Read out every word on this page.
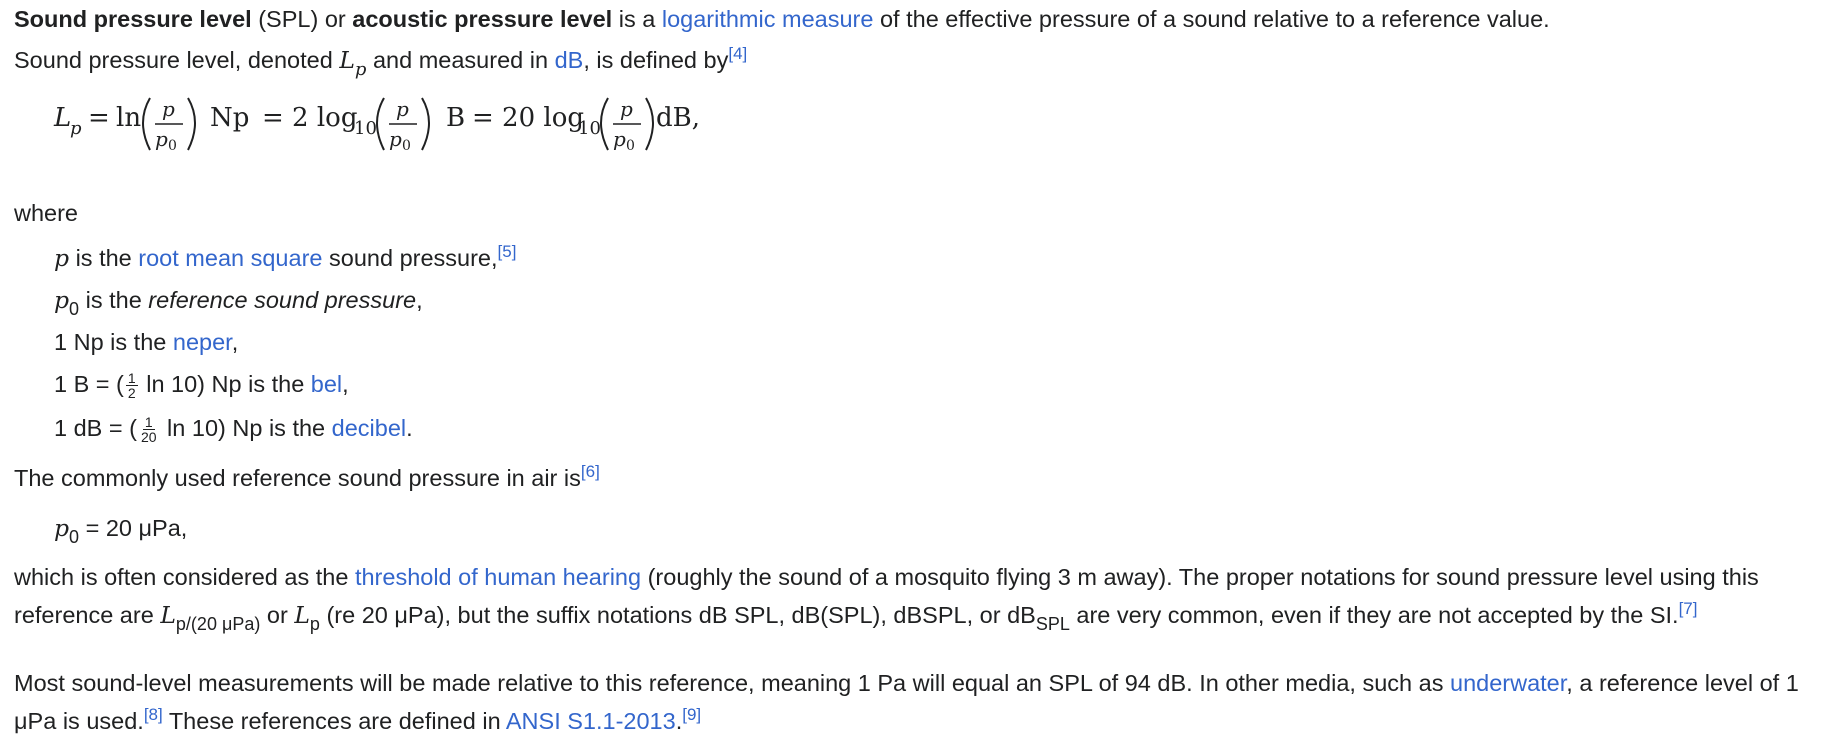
Sound pressure level (SPL) or acoustic pressure level is a logarithmic measure of the effective pressure of a sound relative to a reference value.

Sound pressure level, denoted $L_p$ and measured in dB, is defined by[4]

L
p = ln p
p 0
Np = 2 log
10
p
p 0
B = 20 log
10
p
p 0
dB,

where

p is the root mean square sound pressure,[5]
$p_0$ is the reference sound pressure,
1 Np is the neper,
1 B = ( $\frac{1}{2}$ ln 10) Np is the bel,
1 dB = ( $\frac{1}{20}$ ln 10) Np is the decibel.

The commonly used reference sound pressure in air is[6]

$p_0 = 20$ μPa,

which is often considered as the threshold of human hearing (roughly the sound of a mosquito flying 3 m away). The proper notations for sound pressure level using this reference are $L_{p/(20 \mu Pa)}$ or $L_p$ (re 20 μPa), but the suffix notations dB SPL, dB(SPL), dBSPL, or $dB_{SPL}$ are very common, even if they are not accepted by the SI.[7]

Most sound-level measurements will be made relative to this reference, meaning 1 Pa will equal an SPL of 94 dB. In other media, such as underwater, a reference level of 1 μPa is used.[8] These references are defined in ANSI S1.1-2013.[9]
